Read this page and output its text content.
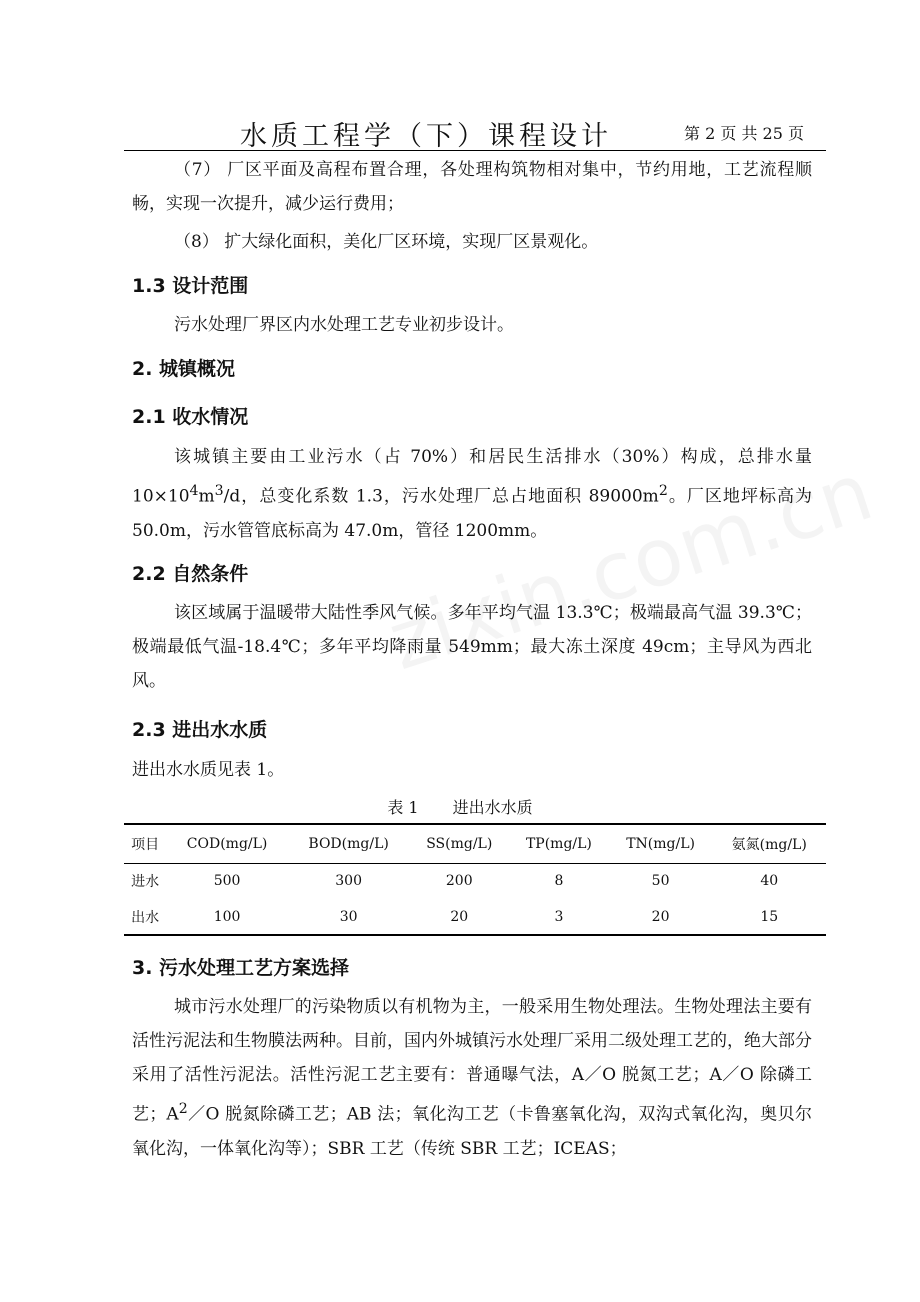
水质工程学（下）课程设计	第 2 页 共 25 页
（7） 厂区平面及高程布置合理，各处理构筑物相对集中，节约用地，工艺流程顺畅，实现一次提升，减少运行费用；
（8） 扩大绿化面积，美化厂区环境，实现厂区景观化。
1.3 设计范围
污水处理厂界区内水处理工艺专业初步设计。
2. 城镇概况
2.1 收水情况
该城镇主要由工业污水（占 70%）和居民生活排水（30%）构成，总排水量 $10\times 10^4m^3/d$，总变化系数 1.3，污水处理厂总占地面积 $89000m^2$。厂区地坪标高为 50.0m，污水管管底标高为 47.0m，管径 1200mm。
2.2 自然条件
该区域属于温暖带大陆性季风气候。多年平均气温 13.3℃；极端最高气温 39.3℃；极端最低气温-18.4℃；多年平均降雨量 549mm；最大冻土深度 49cm；主导风为西北风。
2.3 进出水水质
进出水水质见表 1。
表 1 进出水水质
项目	COD(mg/L)	BOD(mg/L)	SS(mg/L)	TP(mg/L)	TN(mg/L)	氨氮(mg/L)
进水	500	300	200	8	50	40
出水	100	30	20	3	20	15
3. 污水处理工艺方案选择
城市污水处理厂的污染物质以有机物为主，一般采用生物处理法。生物处理法主要有活性污泥法和生物膜法两种。目前，国内外城镇污水处理厂采用二级处理工艺的，绝大部分采用了活性污泥法。活性污泥工艺主要有：普通曝气法，A／O 脱氮工艺；A／O 除磷工艺；$A^2/O$ 脱氮除磷工艺；AB 法；氧化沟工艺（卡鲁塞氧化沟，双沟式氧化沟，奥贝尔氧化沟，一体氧化沟等）；SBR 工艺（传统 SBR 工艺；ICEAS；
